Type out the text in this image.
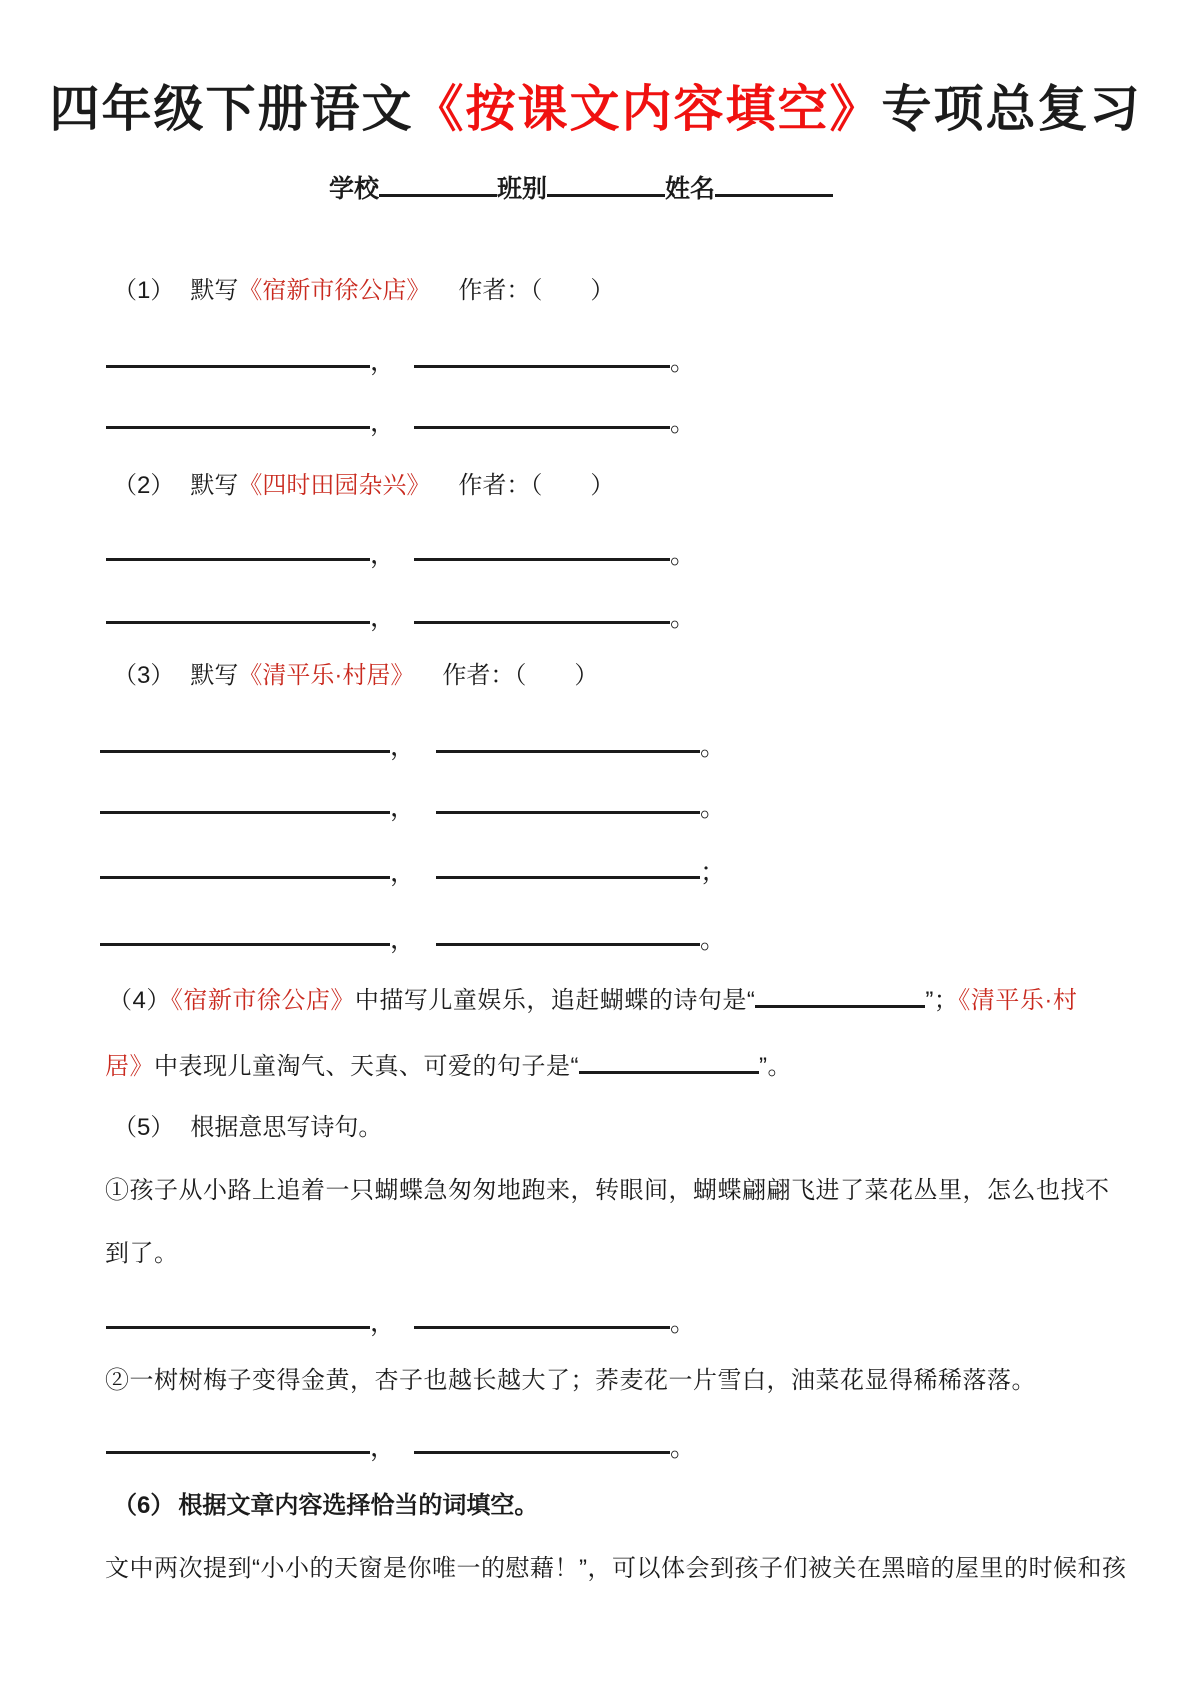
四年级下册语文《按课文内容填空》专项总复习
学校	班别	姓名
（1） 默写《宿新市徐公店》 作者：（　　）
，	。
，	。
（2） 默写《四时田园杂兴》 作者：（　　）
，	。
，	。
（3） 默写《清平乐·村居》 作者：（　　）
，	。
，	。
，	；
，	。
（4）《宿新市徐公店》中描写儿童娱乐，追赶蝴蝶的诗句是“	”；《清平乐·村
居》中表现儿童淘气、天真、可爱的句子是“	”。
（5） 根据意思写诗句。
①孩子从小路上追着一只蝴蝶急匆匆地跑来，转眼间，蝴蝶翩翩飞进了菜花丛里，怎么也找不
到了。
，	。
②一树树梅子变得金黄，杏子也越长越大了；荞麦花一片雪白，油菜花显得稀稀落落。
，	。
（6） 根据文章内容选择恰当的词填空。
文中两次提到“小小的天窗是你唯一的慰藉！”，可以体会到孩子们被关在黑暗的屋里的时候和孩
